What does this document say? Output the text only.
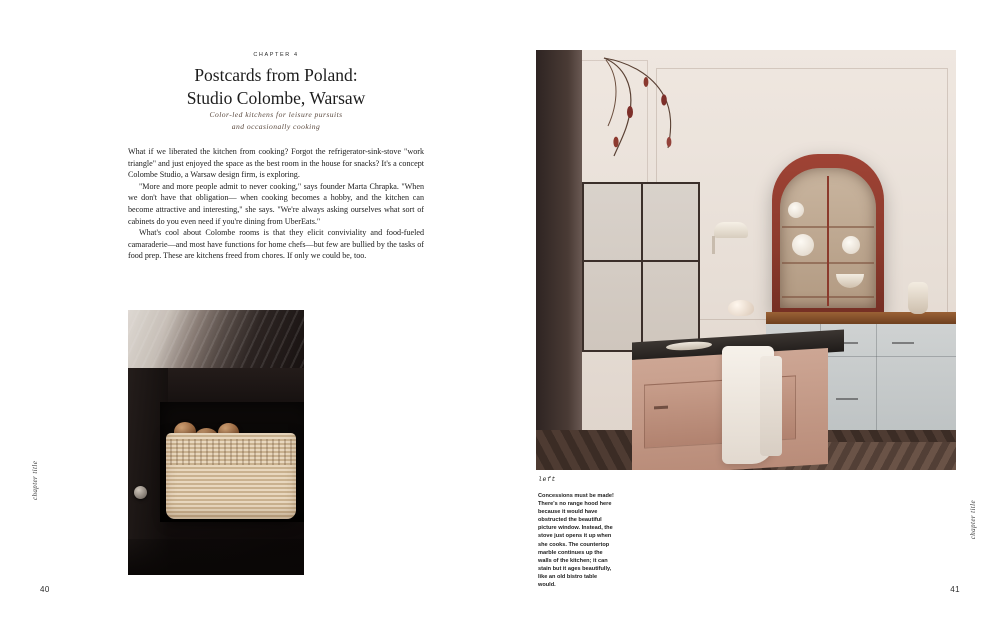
CHAPTER 4
Postcards from Poland:
Studio Colombe, Warsaw
Color-led kitchens for leisure pursuits
and occasionally cooking

What if we liberated the kitchen from cooking? Forgot the refrigerator-sink-stove "work triangle" and just enjoyed the space as the best room in the house for snacks? It's a concept Colombe Studio, a Warsaw design firm, is exploring.

"More and more people admit to never cooking," says founder Marta Chrapka. "When we don't have that obligation— when cooking becomes a hobby, and the kitchen can become attractive and interesting," she says. "We're always asking ourselves what sort of cabinets do you even need if you're dining from UberEats."

What's cool about Colombe rooms is that they elicit conviviality and food-fueled camaraderie—and most have functions for home chefs—but few are bullied by the tasks of food prep. These are kitchens freed from chores. If only we could be, too.

chapter title
40
left
Concessions must be made! There's no range hood here because it would have obstructed the beautiful picture window. Instead, the stove just opens it up when she cooks. The countertop marble continues up the walls of the kitchen; it can stain but it ages beautifully, like an old bistro table would.
chapter title
41
